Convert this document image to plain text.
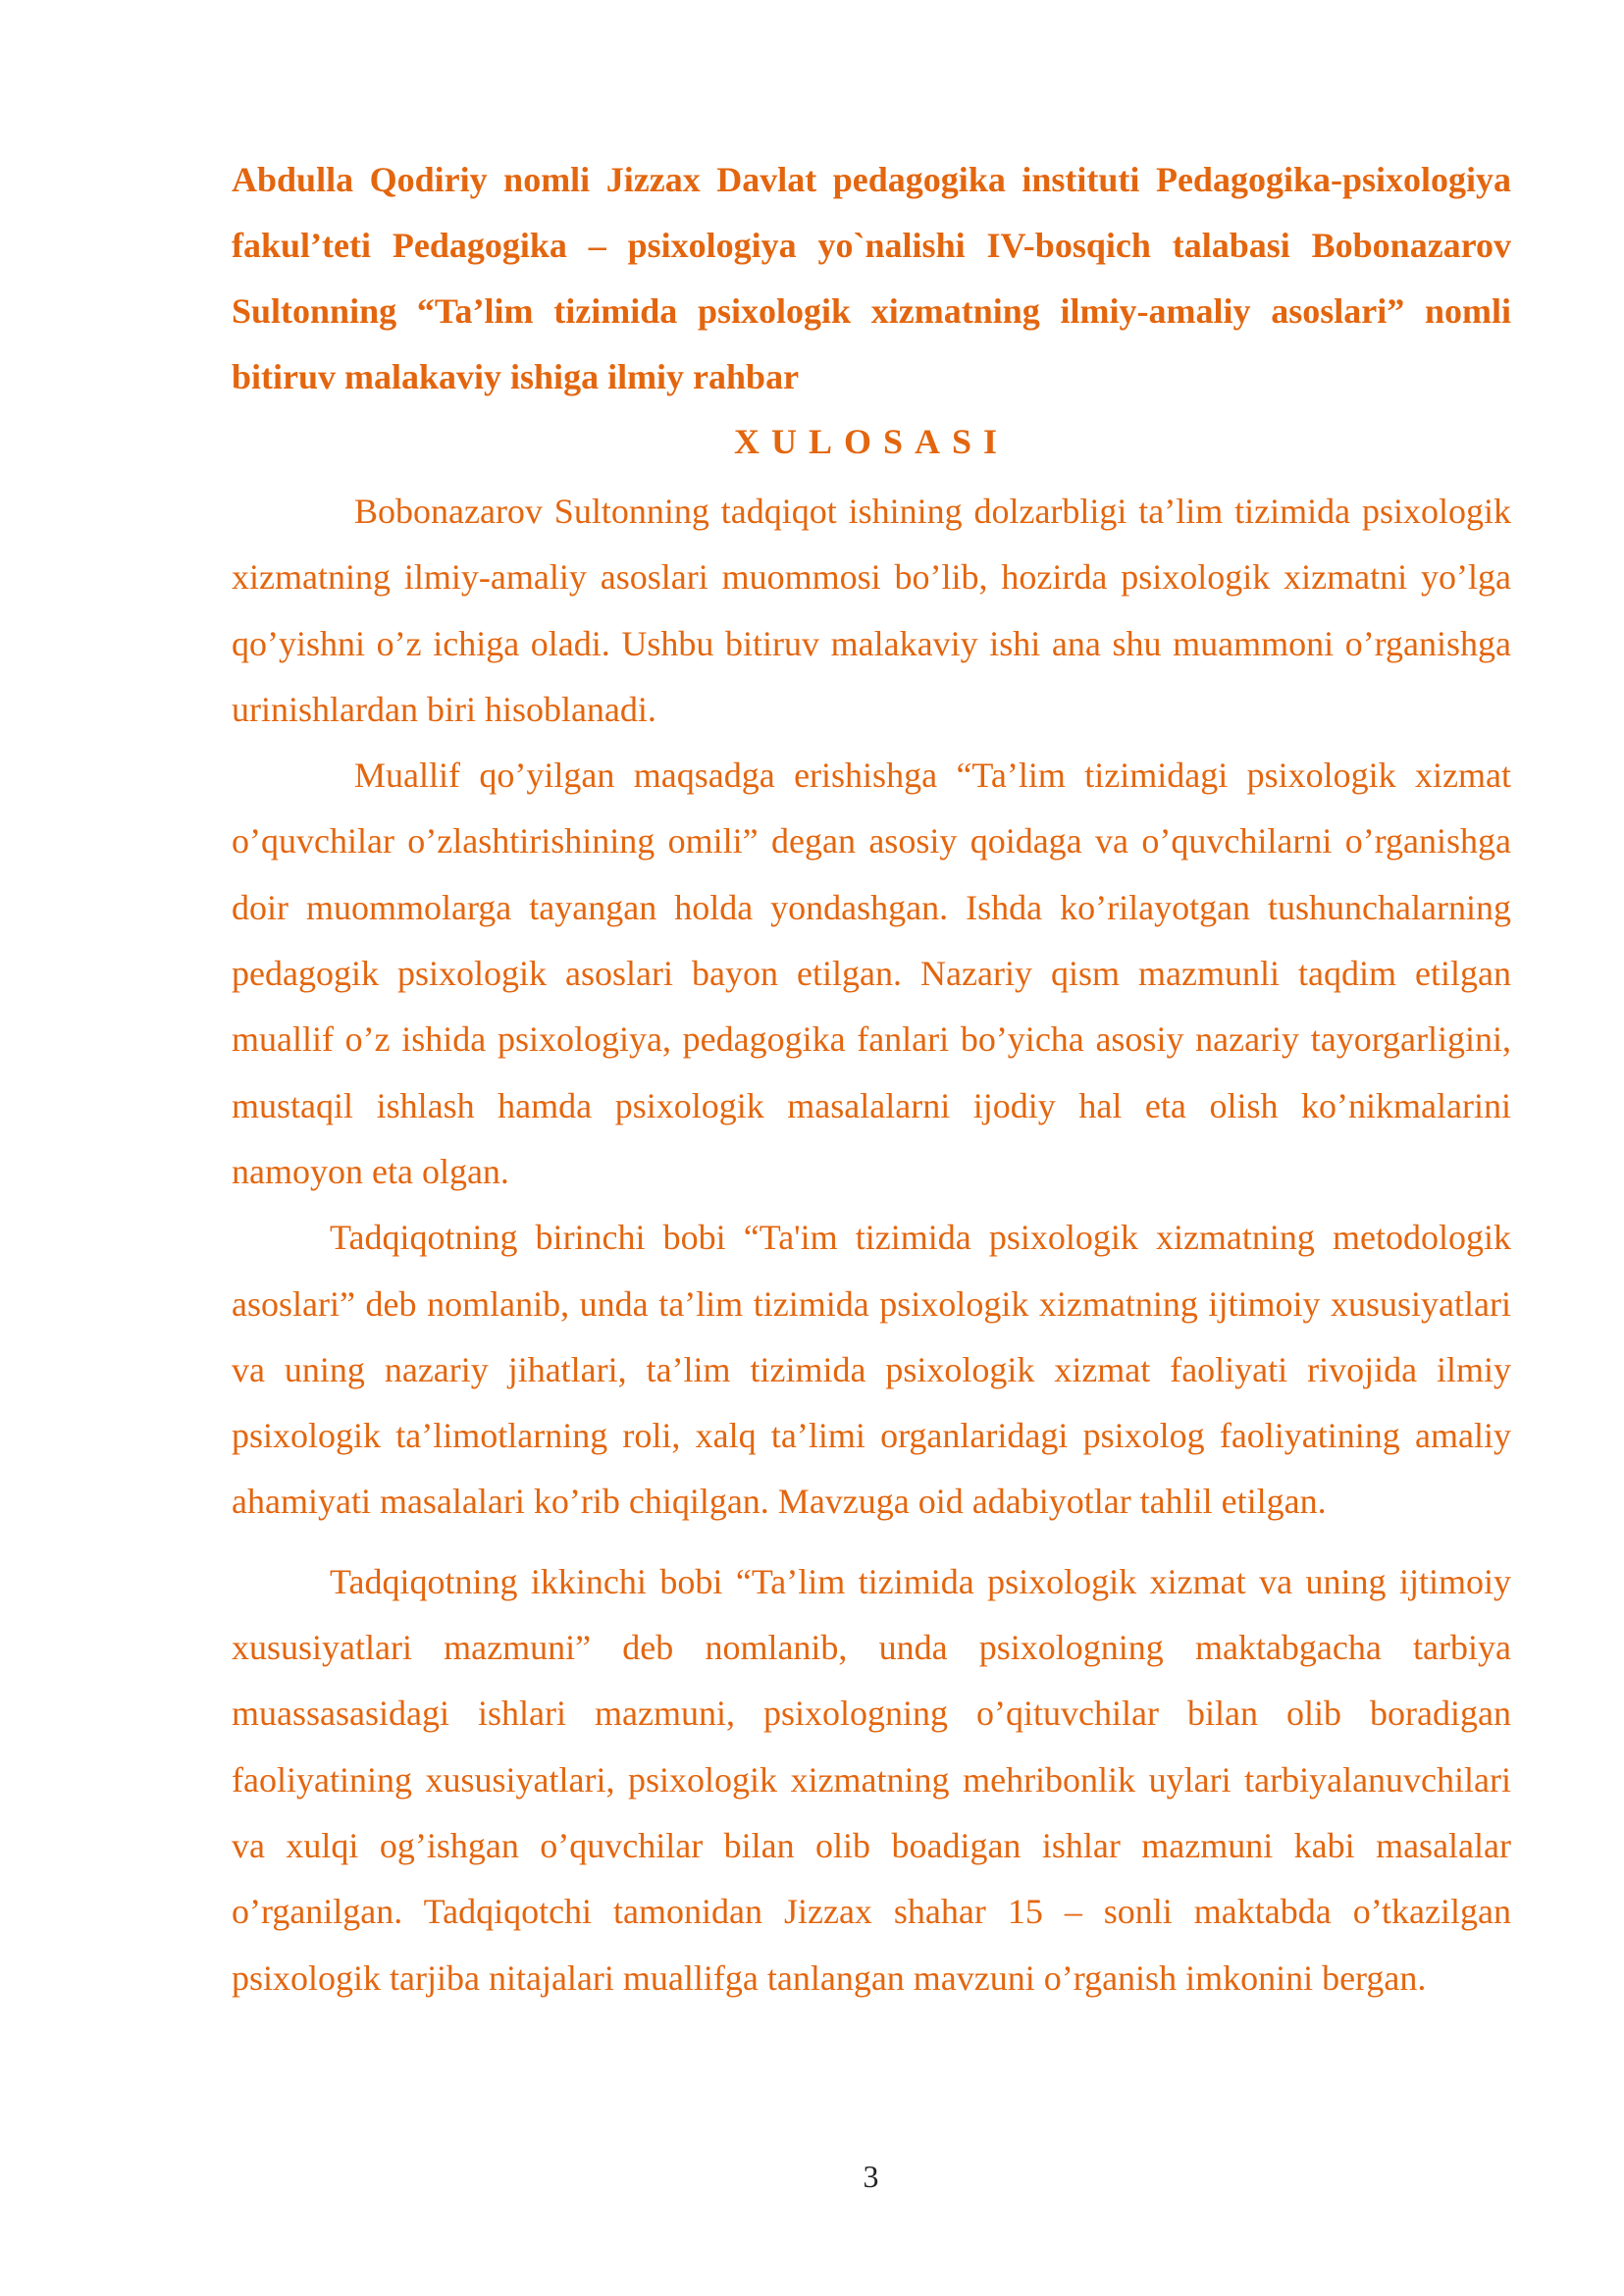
Abdulla Qodiriy nomli Jizzax Davlat pedagogika instituti Pedagogika-psixologiya fakul’teti Pedagogika – psixologiya yo`nalishi IV-bosqich talabasi Bobonazarov Sultonning “Ta’lim tizimida psixologik xizmatning ilmiy-amaliy asoslari” nomli bitiruv malakaviy ishiga ilmiy rahbar
XULOSASI

Bobonazarov Sultonning tadqiqot ishining dolzarbligi ta’lim tizimida psixologik xizmatning ilmiy-amaliy asoslari muommosi bo’lib, hozirda psixologik xizmatni yo’lga qo’yishni o’z ichiga oladi. Ushbu bitiruv malakaviy ishi ana shu muammoni o’rganishga urinishlardan biri hisoblanadi.

Muallif qo’yilgan maqsadga erishishga “Ta’lim tizimidagi psixologik xizmat o’quvchilar o’zlashtirishining omili” degan asosiy qoidaga va o’quvchilarni o’rganishga doir muommolarga tayangan holda yondashgan. Ishda ko’rilayotgan tushunchalarning pedagogik psixologik asoslari bayon etilgan. Nazariy qism mazmunli taqdim etilgan muallif o’z ishida psixologiya, pedagogika fanlari bo’yicha asosiy nazariy tayorgarligini, mustaqil ishlash hamda psixologik masalalarni ijodiy hal eta olish ko’nikmalarini namoyon eta olgan.

Tadqiqotning birinchi bobi “Ta'im tizimida psixologik xizmatning metodologik asoslari” deb nomlanib, unda ta’lim tizimida psixologik xizmatning ijtimoiy xususiyatlari va uning nazariy jihatlari, ta’lim tizimida psixologik xizmat faoliyati rivojida ilmiy psixologik ta’limotlarning roli, xalq ta’limi organlaridagi psixolog faoliyatining amaliy ahamiyati masalalari ko’rib chiqilgan. Mavzuga oid adabiyotlar tahlil etilgan.

Tadqiqotning ikkinchi bobi “Ta’lim tizimida psixologik xizmat va uning ijtimoiy xususiyatlari mazmuni” deb nomlanib, unda psixologning maktabgacha tarbiya muassasasidagi ishlari mazmuni, psixologning o’qituvchilar bilan olib boradigan faoliyatining xususiyatlari, psixologik xizmatning mehribonlik uylari tarbiyalanuvchilari va xulqi og’ishgan o’quvchilar bilan olib boadigan ishlar mazmuni kabi masalalar o’rganilgan. Tadqiqotchi tamonidan Jizzax shahar 15 – sonli maktabda o’tkazilgan psixologik tarjiba nitajalari muallifga tanlangan mavzuni o’rganish imkonini bergan.

3
